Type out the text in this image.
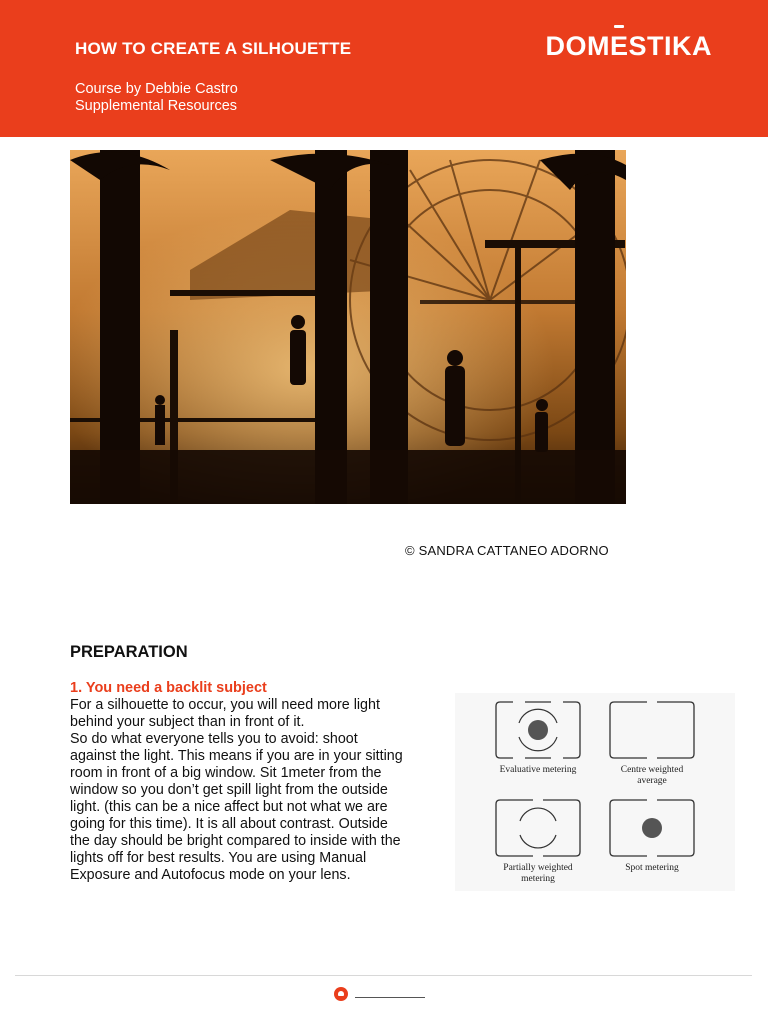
HOW TO CREATE A SILHOUETTE
Course by Debbie Castro
Supplemental Resources
DOMESTIKA
© SANDRA CATTANEO ADORNO
PREPARATION
1. You need a backlit subject

For a silhouette to occur, you will need more light
behind your subject than in front of it.
So do what everyone tells you to avoid: shoot
against the light. This means if you are in your sitting
room in front of a big window. Sit 1meter from the
window so you don’t get spill light from the outside
light. (this can be a nice affect but not what we are
going for this time). It is all about contrast. Outside
the day should be bright compared to inside with the
lights off for best results. You are using Manual
Exposure and Autofocus mode on your lens.

Evaluative metering	Centre weighted
average
Partially weighted
metering
Spot metering
